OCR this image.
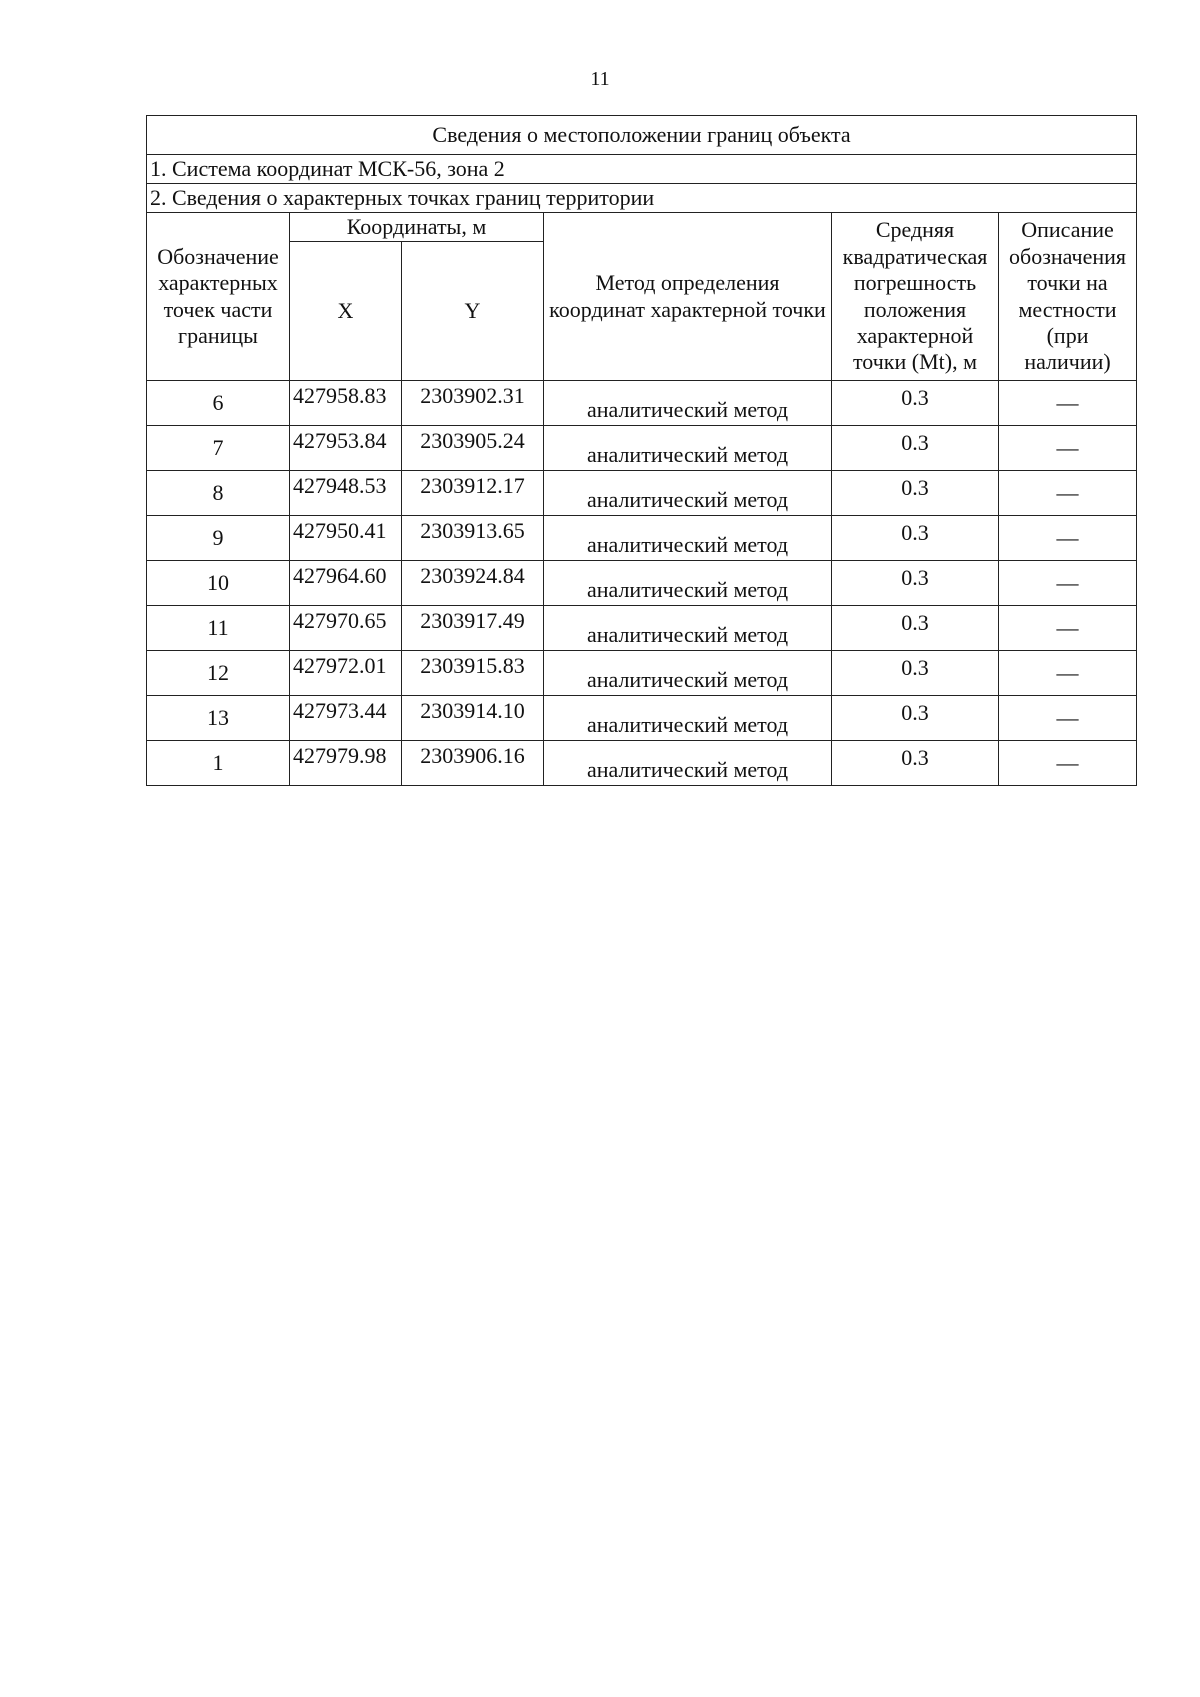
11
Сведения о местоположении границ объекта					
1. Система координат МСК-56, зона 2					
2. Сведения о характерных точках границ территории					
Обозначение характерных точек части границы	Координаты, м		Метод определения координат характерной точки	Средняя квадратическая погрешность положения характерной точки (Mt), м	Описание обозначения точки на местности (при наличии)
	X	Y			
6	427958.83	2303902.31	аналитический метод	0.3	—
7	427953.84	2303905.24	аналитический метод	0.3	—
8	427948.53	2303912.17	аналитический метод	0.3	—
9	427950.41	2303913.65	аналитический метод	0.3	—
10	427964.60	2303924.84	аналитический метод	0.3	—
11	427970.65	2303917.49	аналитический метод	0.3	—
12	427972.01	2303915.83	аналитический метод	0.3	—
13	427973.44	2303914.10	аналитический метод	0.3	—
1	427979.98	2303906.16	аналитический метод	0.3	—
